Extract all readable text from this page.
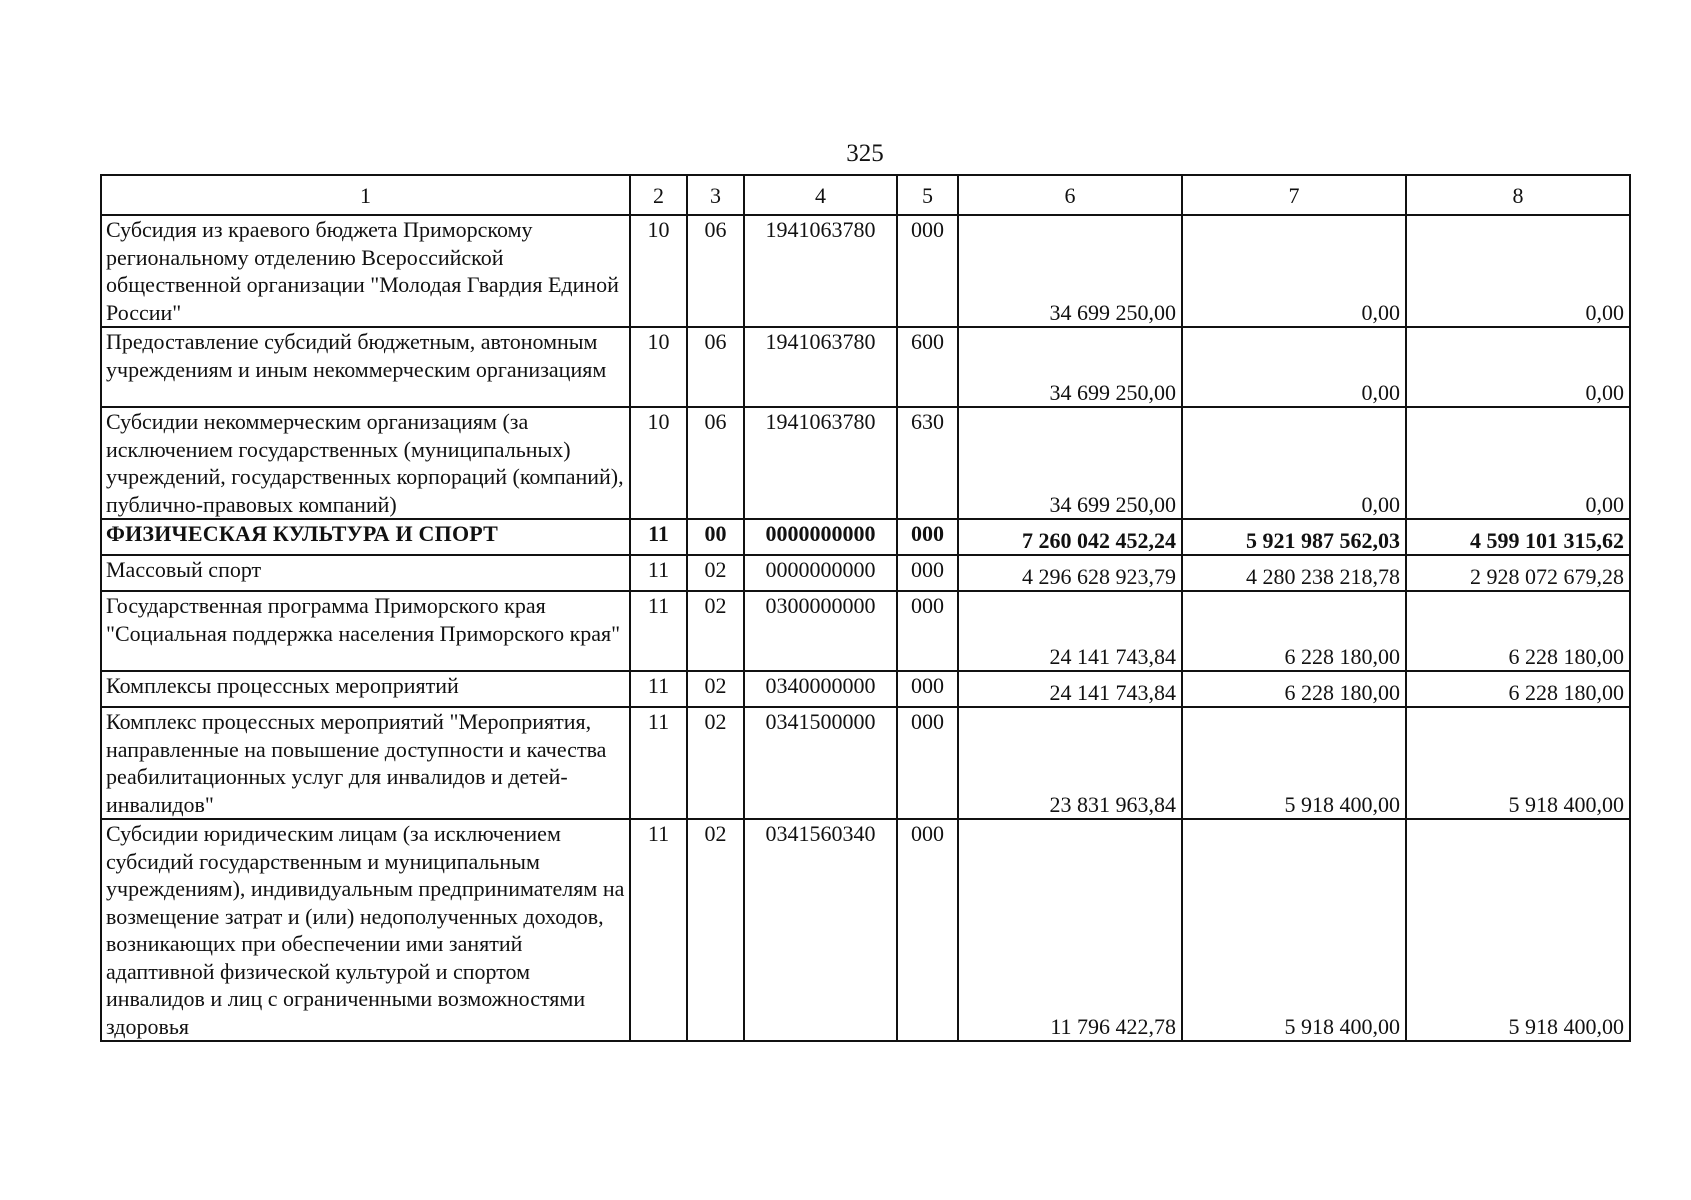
325
1	2	3	4	5	6	7	8
Субсидия из краевого бюджета Приморскому региональному отделению Всероссийской общественной организации "Молодая Гвардия Единой России"	10	06	1941063780	000	34 699 250,00	0,00	0,00
Предоставление субсидий бюджетным, автономным учреждениям и иным некоммерческим организациям	10	06	1941063780	600	34 699 250,00	0,00	0,00
Субсидии некоммерческим организациям (за исключением государственных (муниципальных) учреждений, государственных корпораций (компаний), публично-правовых компаний)	10	06	1941063780	630	34 699 250,00	0,00	0,00
ФИЗИЧЕСКАЯ КУЛЬТУРА И СПОРТ	11	00	0000000000	000	7 260 042 452,24	5 921 987 562,03	4 599 101 315,62
Массовый спорт	11	02	0000000000	000	4 296 628 923,79	4 280 238 218,78	2 928 072 679,28
Государственная программа Приморского края "Социальная поддержка населения Приморского края"	11	02	0300000000	000	24 141 743,84	6 228 180,00	6 228 180,00
Комплексы процессных мероприятий	11	02	0340000000	000	24 141 743,84	6 228 180,00	6 228 180,00
Комплекс процессных мероприятий "Мероприятия, направленные на повышение доступности и качества реабилитационных услуг для инвалидов и детей-инвалидов"	11	02	0341500000	000	23 831 963,84	5 918 400,00	5 918 400,00
Субсидии юридическим лицам (за исключением субсидий государственным и муниципальным учреждениям), индивидуальным предпринимателям на возмещение затрат и (или) недополученных доходов, возникающих при обеспечении ими занятий адаптивной физической культурой и спортом инвалидов и лиц с ограниченными возможностями здоровья	11	02	0341560340	000	11 796 422,78	5 918 400,00	5 918 400,00
